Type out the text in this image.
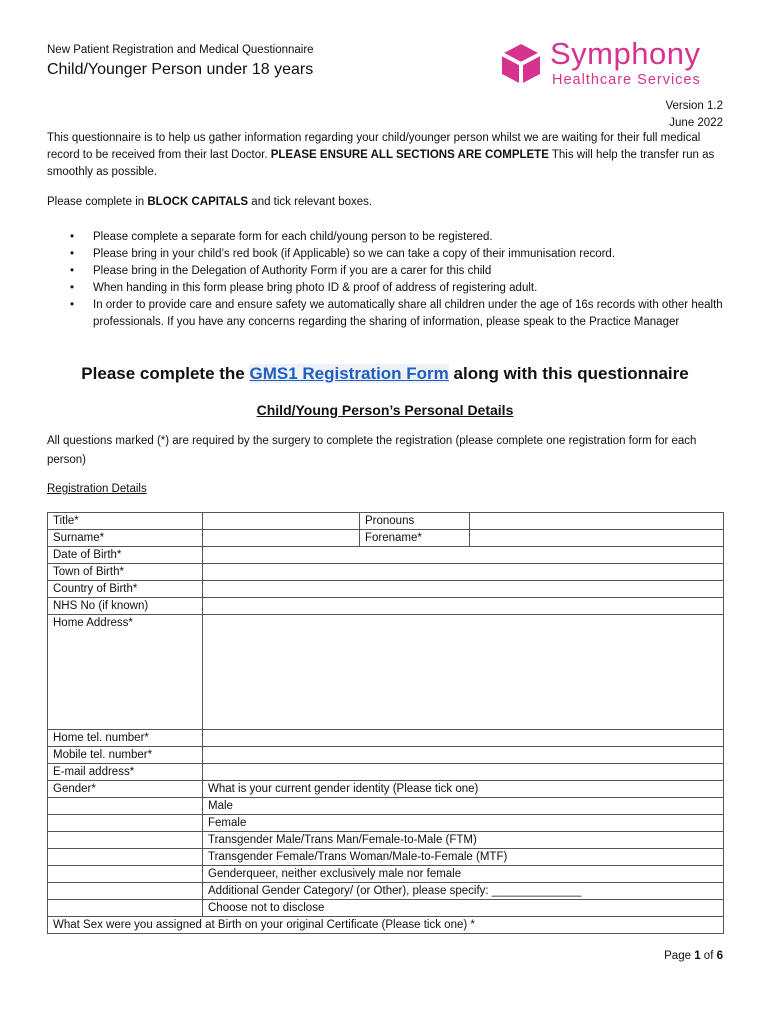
New Patient Registration and Medical Questionnaire
Child/Younger Person under 18 years	Symphony
Healthcare Services
Version 1.2
June 2022
This questionnaire is to help us gather information regarding your child/younger person whilst we are waiting for their full medical record to be received from their last Doctor. PLEASE ENSURE ALL SECTIONS ARE COMPLETE This will help the transfer run as smoothly as possible.
Please complete in BLOCK CAPITALS and tick relevant boxes.
• Please complete a separate form for each child/young person to be registered.
• Please bring in your child’s red book (if Applicable) so we can take a copy of their immunisation record.
• Please bring in the Delegation of Authority Form if you are a carer for this child
• When handing in this form please bring photo ID & proof of address of registering adult.
• In order to provide care and ensure safety we automatically share all children under the age of 16s records with other health professionals. If you have any concerns regarding the sharing of information, please speak to the Practice Manager
Please complete the GMS1 Registration Form along with this questionnaire
Child/Young Person’s Personal Details
All questions marked (*) are required by the surgery to complete the registration (please complete one registration form for each person)
Registration Details
Title*		Pronouns	
Surname*		Forename*	
Date of Birth*			
Town of Birth*			
Country of Birth*			
NHS No (if known)			
Home Address*			
Home tel. number*			
Mobile tel. number*			
E-mail address*			
Gender*	What is your current gender identity (Please tick one)		
	Male		
	Female		
	Transgender Male/Trans Man/Female-to-Male (FTM)		
	Transgender Female/Trans Woman/Male-to-Female (MTF)		
	Genderqueer, neither exclusively male nor female		
	Additional Gender Category/ (or Other), please specify: ______________		
	Choose not to disclose		
What Sex were you assigned at Birth on your original Certificate (Please tick one) *			
Page 1 of 6
